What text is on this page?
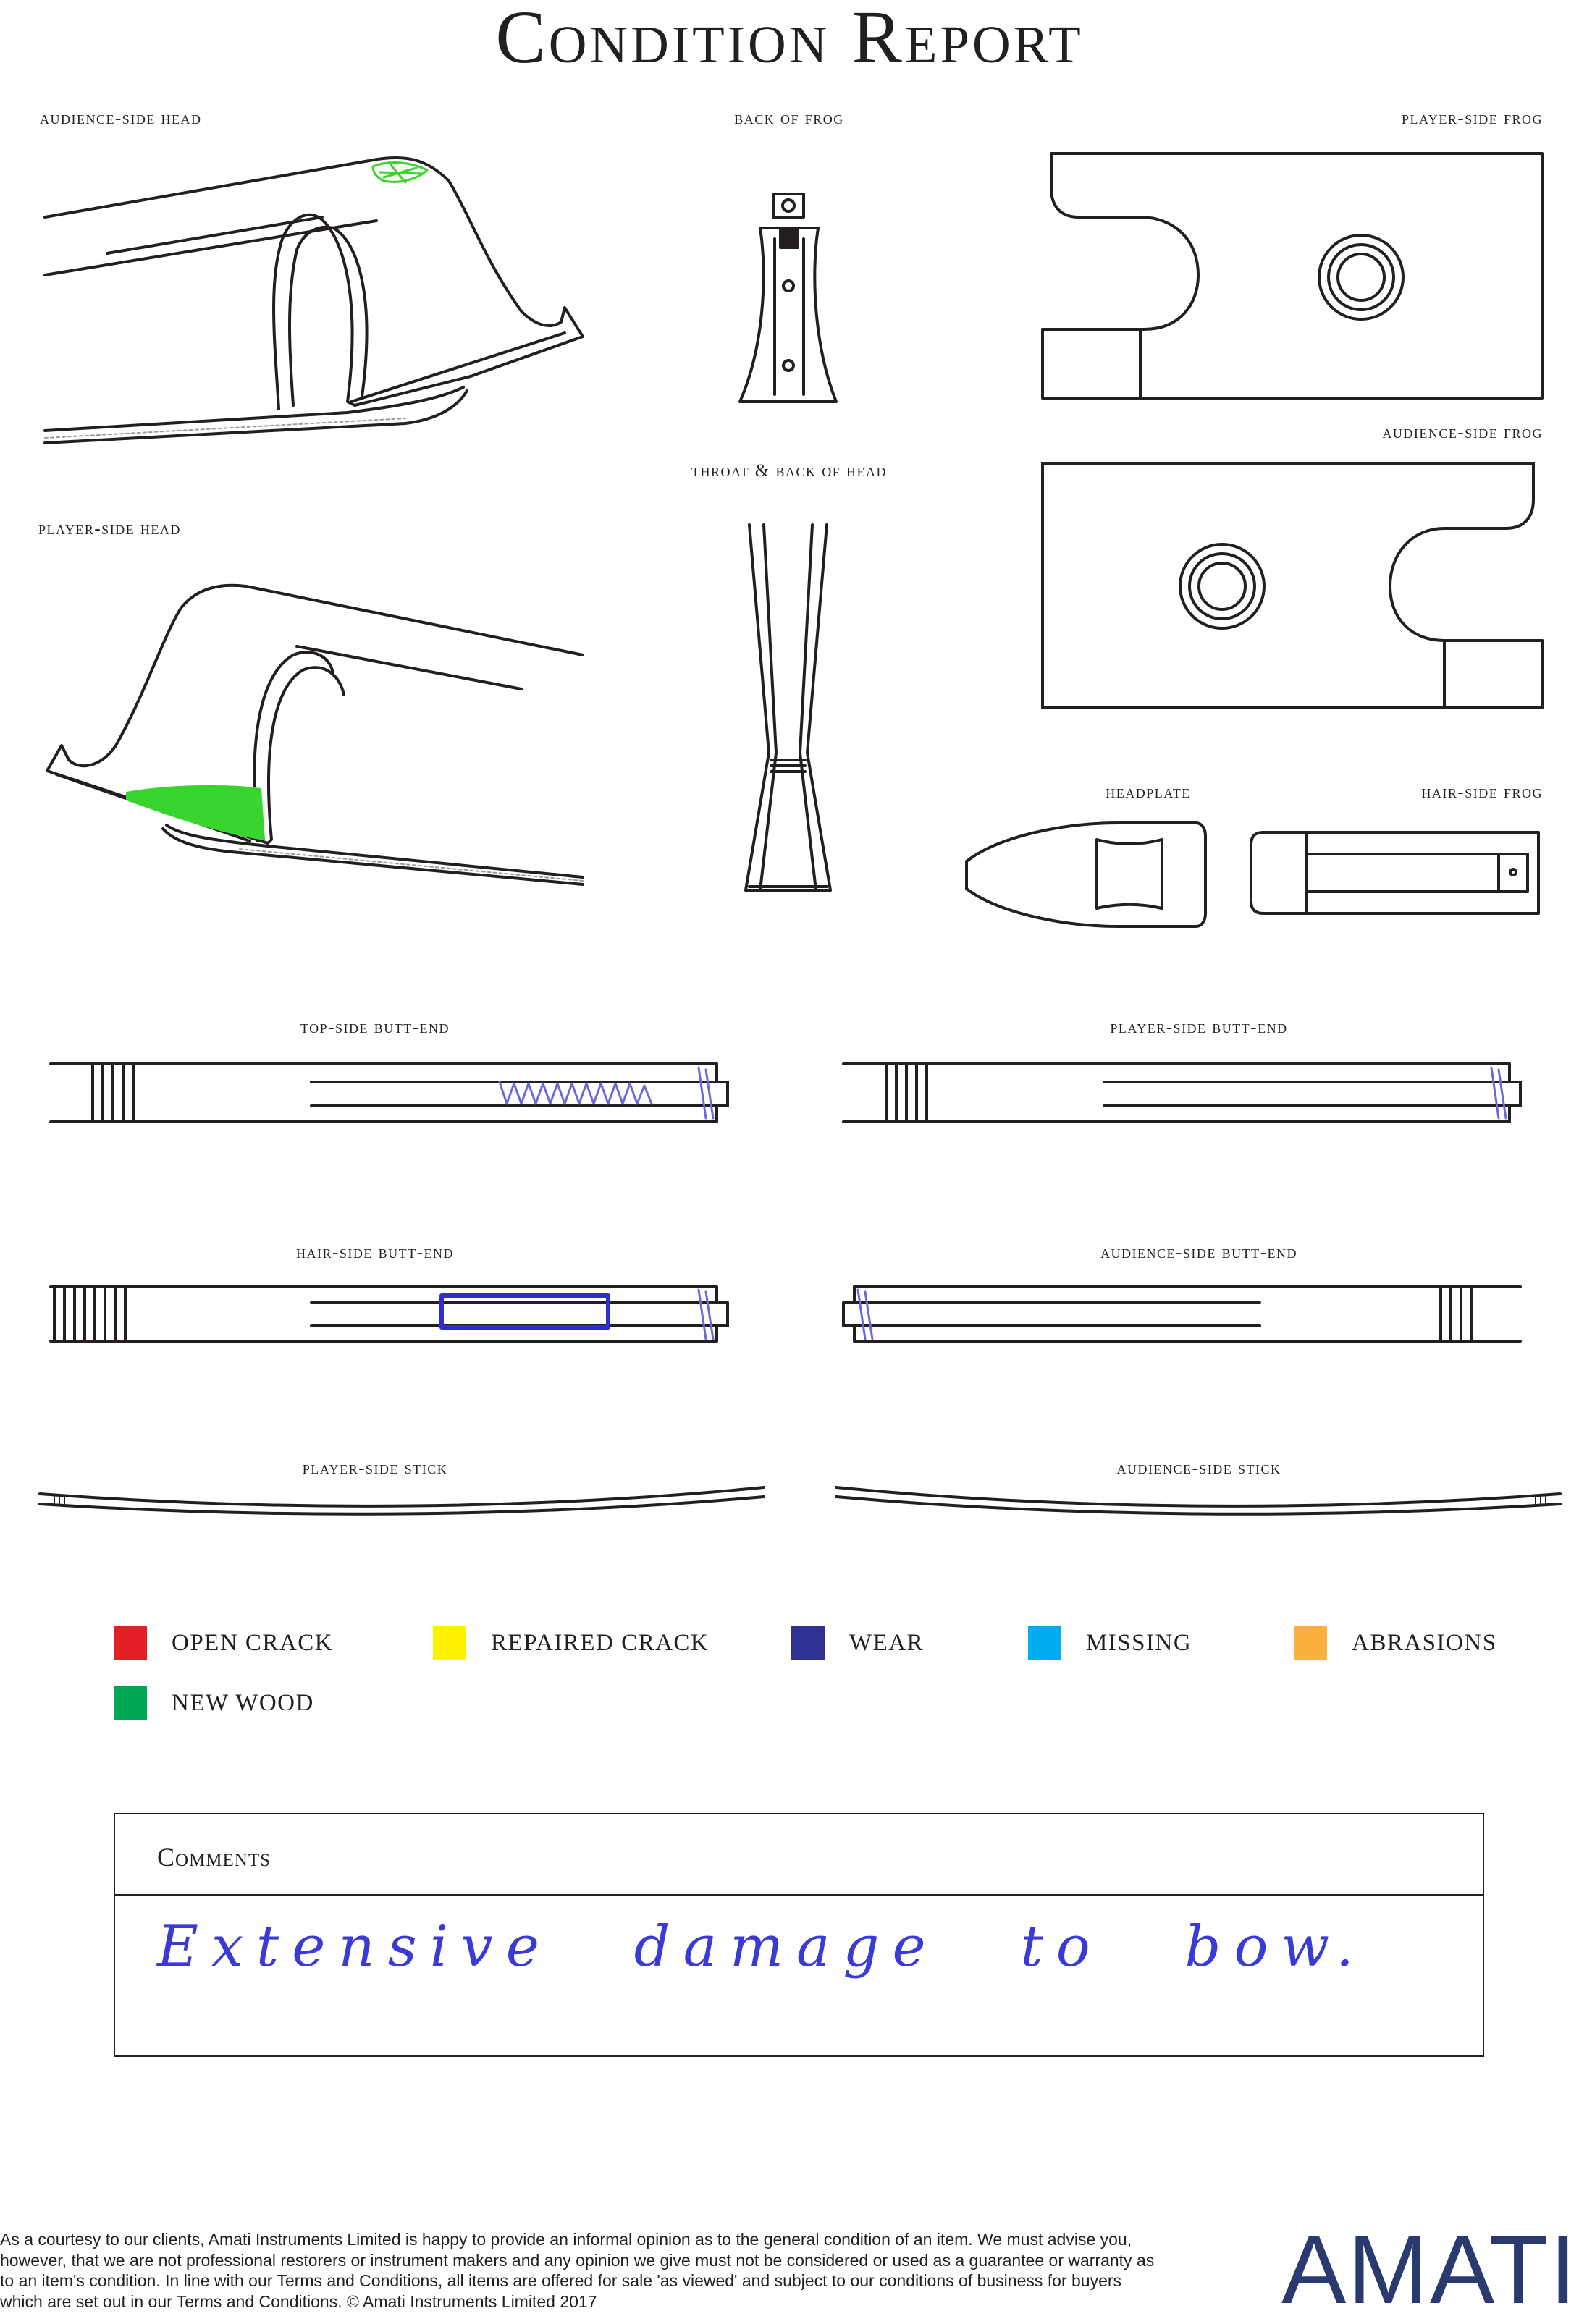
Condition Report
audience-side head	back of frog	player-side frog
audience-side frog
throat & back of head
player-side head
headplate	hair-side frog
top-side butt-end	player-side butt-end
hair-side butt-end	audience-side butt-end
player-side stick	audience-side stick
OPEN CRACK	REPAIRED CRACK	WEAR	MISSING	ABRASIONS
NEW WOOD
Comments
Extensive damage to bow.
As a courtesy to our clients, Amati Instruments Limited is happy to provide an informal opinion as to the general condition of an item. We must advise you, however, that we are not professional restorers or instrument makers and any opinion we give must not be considered or used as a guarantee or warranty as to an item's condition. In line with our Terms and Conditions, all items are offered for sale 'as viewed' and subject to our conditions of business for buyers which are set out in our Terms and Conditions. © Amati Instruments Limited 2017	AMATI
